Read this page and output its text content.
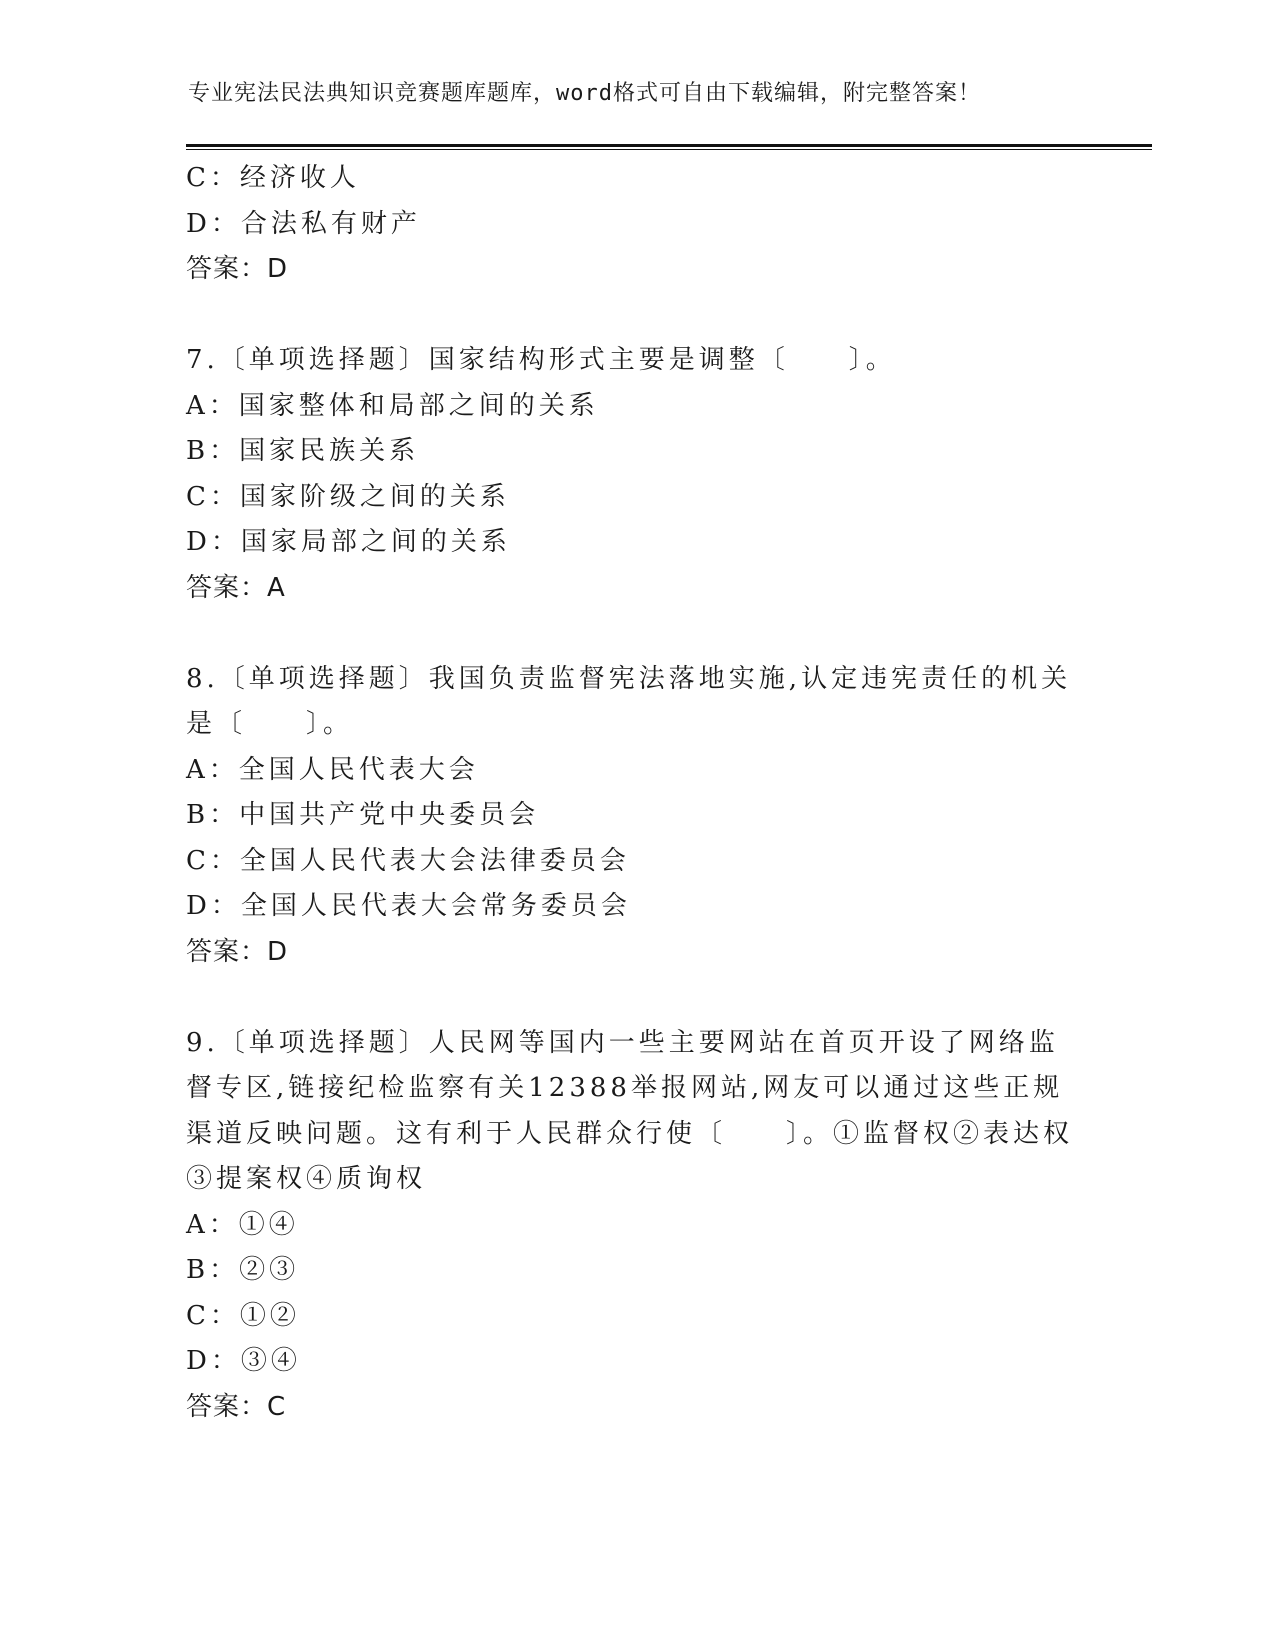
专业宪法民法典知识竞赛题库题库，word格式可自由下载编辑，附完整答案！
C：经济收人
D：合法私有财产
答案：D
7.〔单项选择题〕国家结构形式主要是调整〔　　〕。
A：国家整体和局部之间的关系
B：国家民族关系
C：国家阶级之间的关系
D：国家局部之间的关系
答案：A
8.〔单项选择题〕我国负责监督宪法落地实施,认定违宪责任的机关是〔　　〕。
A：全国人民代表大会
B：中国共产党中央委员会
C：全国人民代表大会法律委员会
D：全国人民代表大会常务委员会
答案：D
9.〔单项选择题〕人民网等国内一些主要网站在首页开设了网络监督专区,链接纪检监察有关12388举报网站,网友可以通过这些正规渠道反映问题。这有利于人民群众行使〔　　〕。①监督权②表达权③提案权④质询权
A：①④
B：②③
C：①②
D：③④
答案：C
